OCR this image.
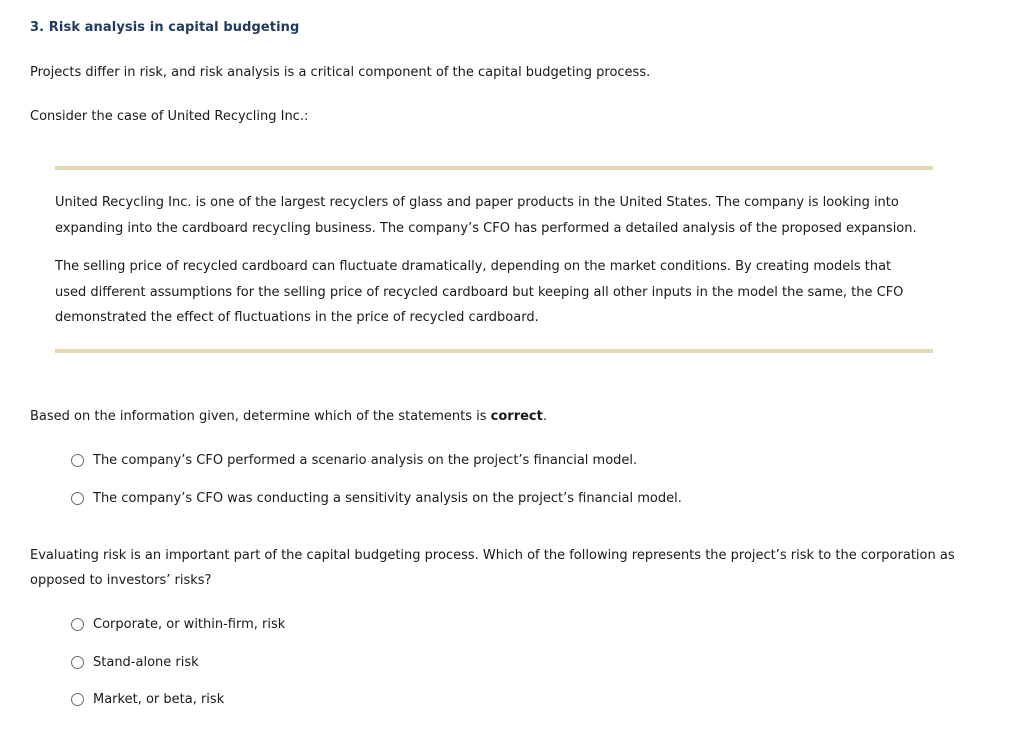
3. Risk analysis in capital budgeting
Projects differ in risk, and risk analysis is a critical component of the capital budgeting process.
Consider the case of United Recycling Inc.:
United Recycling Inc. is one of the largest recyclers of glass and paper products in the United States. The company is looking into expanding into the cardboard recycling business. The company’s CFO has performed a detailed analysis of the proposed expansion.
The selling price of recycled cardboard can fluctuate dramatically, depending on the market conditions. By creating models that used different assumptions for the selling price of recycled cardboard but keeping all other inputs in the model the same, the CFO demonstrated the effect of fluctuations in the price of recycled cardboard.
Based on the information given, determine which of the statements is correct.
The company’s CFO performed a scenario analysis on the project’s financial model.
The company’s CFO was conducting a sensitivity analysis on the project’s financial model.
Evaluating risk is an important part of the capital budgeting process. Which of the following represents the project’s risk to the corporation as opposed to investors’ risks?
Corporate, or within-firm, risk
Stand-alone risk
Market, or beta, risk
